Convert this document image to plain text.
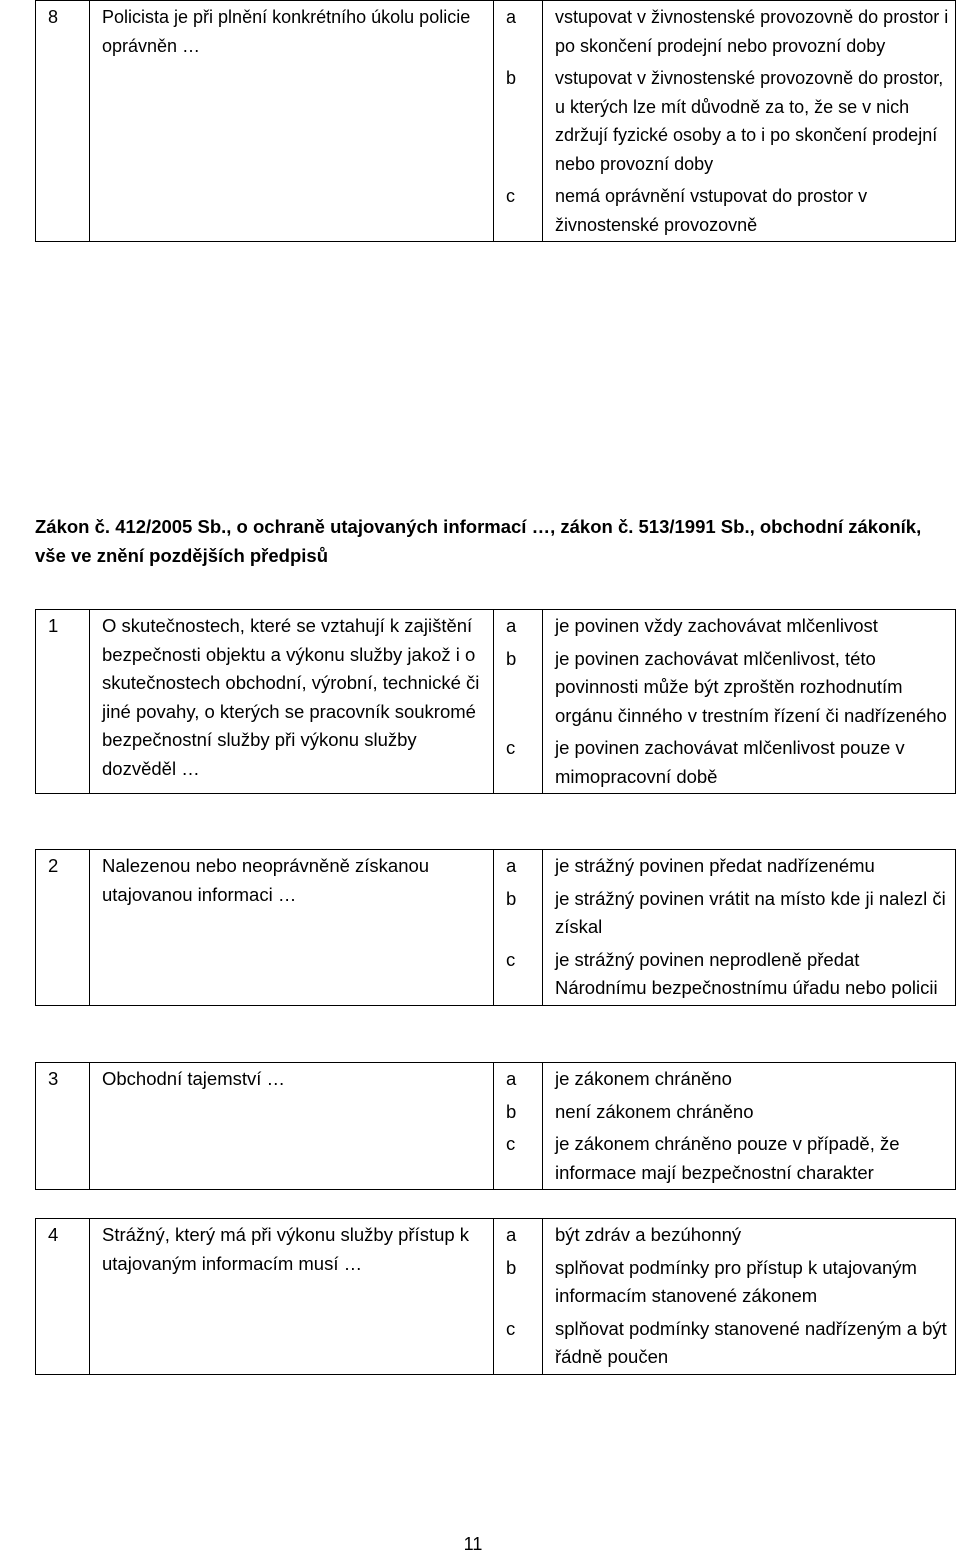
8	Policista je při plnění konkrétního úkolu policie oprávněn …	a	vstupovat v živnostenské provozovně do prostor i po skončení prodejní nebo provozní doby
		b	vstupovat v živnostenské provozovně do prostor, u kterých lze mít důvodně za to, že se v nich zdržují fyzické osoby a to i po skončení prodejní nebo provozní doby
		c	nemá oprávnění vstupovat do prostor v živnostenské provozovně
Zákon č. 412/2005 Sb., o ochraně utajovaných informací …, zákon č. 513/1991 Sb., obchodní zákoník, vše ve znění pozdějších předpisů
1	O skutečnostech, které se vztahují k zajištění bezpečnosti objektu a výkonu služby jakož i o skutečnostech obchodní, výrobní, technické či jiné povahy, o kterých se pracovník soukromé bezpečnostní služby při výkonu služby dozvěděl …	a	je povinen vždy zachovávat mlčenlivost
		b	je povinen zachovávat mlčenlivost, této povinnosti může být zproštěn rozhodnutím orgánu činného v trestním řízení či nadřízeného
		c	je povinen zachovávat mlčenlivost pouze v mimopracovní době
2	Nalezenou nebo neoprávněně získanou utajovanou informaci …	a	je strážný povinen předat nadřízenému
		b	je strážný povinen vrátit na místo kde ji nalezl či získal
		c	je strážný povinen neprodleně předat Národnímu bezpečnostnímu úřadu nebo policii
3	Obchodní tajemství …	a	je zákonem chráněno
		b	není zákonem chráněno
		c	je zákonem chráněno pouze v případě, že informace mají bezpečnostní charakter
4	Strážný, který má při výkonu služby přístup k utajovaným informacím musí …	a	být zdráv a bezúhonný
		b	splňovat podmínky pro přístup k utajovaným informacím stanovené zákonem
		c	splňovat podmínky stanovené nadřízeným a být řádně poučen
11
